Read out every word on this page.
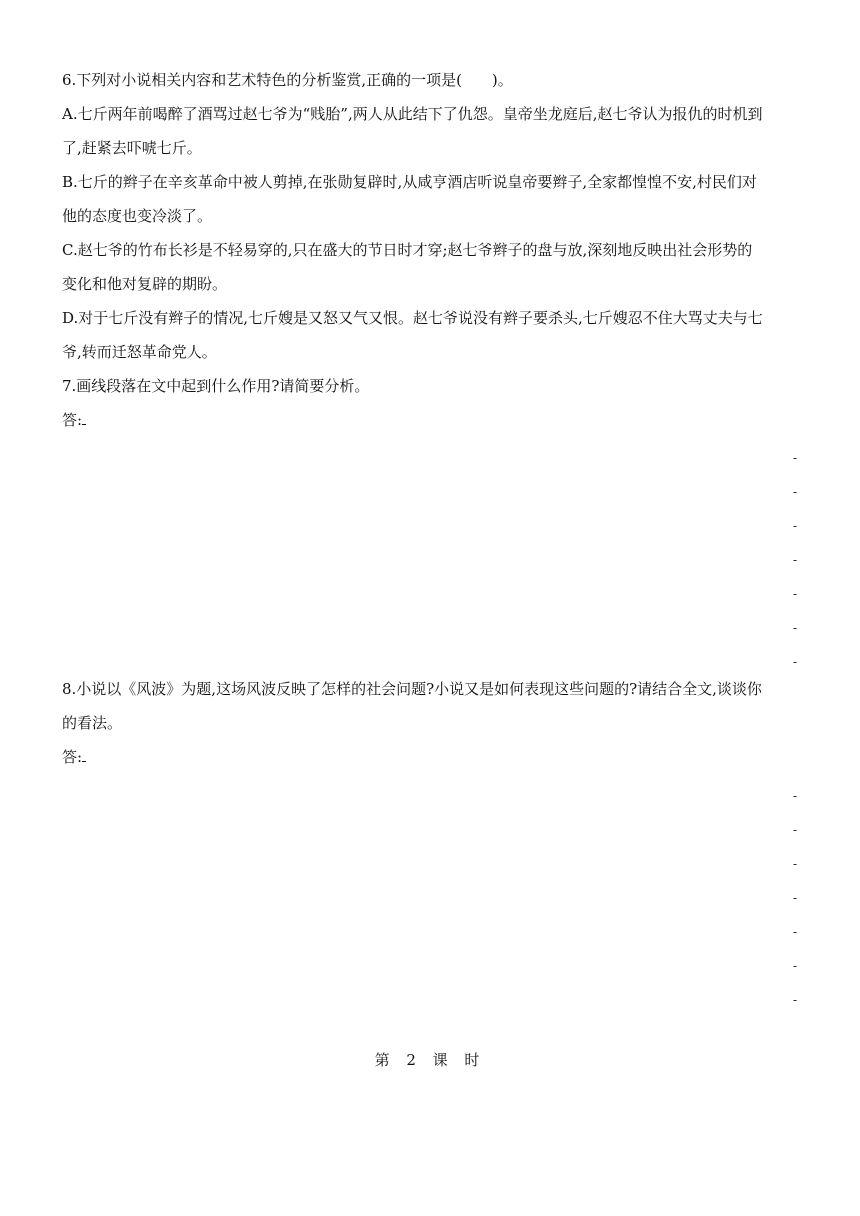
6.下列对小说相关内容和艺术特色的分析鉴赏,正确的一项是(　　)。
A.七斤两年前喝醉了酒骂过赵七爷为“贱胎”,两人从此结下了仇怨。皇帝坐龙庭后,赵七爷认为报仇的时机到
了,赶紧去吓唬七斤。
B.七斤的辫子在辛亥革命中被人剪掉,在张勋复辟时,从咸亨酒店听说皇帝要辫子,全家都惶惶不安,村民们对
他的态度也变冷淡了。
C.赵七爷的竹布长衫是不轻易穿的,只在盛大的节日时才穿;赵七爷辫子的盘与放,深刻地反映出社会形势的
变化和他对复辟的期盼。
D.对于七斤没有辫子的情况,七斤嫂是又怒又气又恨。赵七爷说没有辫子要杀头,七斤嫂忍不住大骂丈夫与七
爷,转而迁怒革命党人。
7.画线段落在文中起到什么作用?请简要分析。
答:
-
-
-
-
-
-
-
8.小说以《风波》为题,这场风波反映了怎样的社会问题?小说又是如何表现这些问题的?请结合全文,谈谈你
的看法。
答:
-
-
-
-
-
-
-
第 2 课 时
